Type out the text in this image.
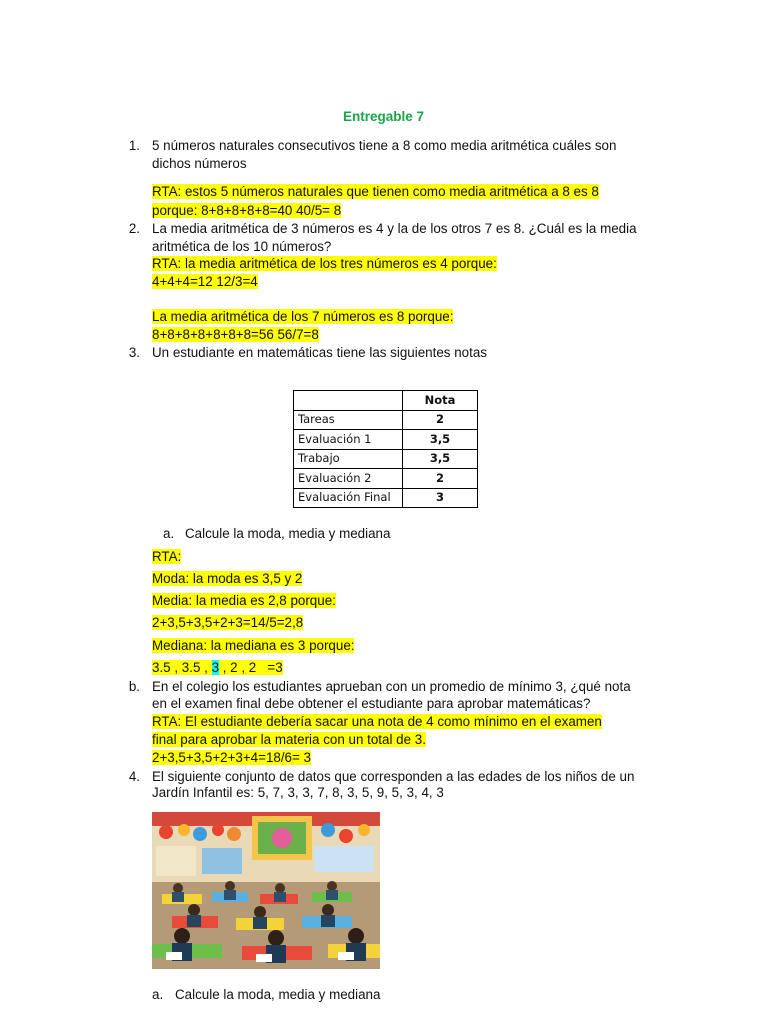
Entregable 7
1. 5 números naturales consecutivos tiene a 8 como media aritmética cuáles son
dichos números
RTA: estos 5 números naturales que tienen como media aritmética a 8 es 8
porque: 8+8+8+8+8=40 40/5= 8
2. La media aritmética de 3 números es 4 y la de los otros 7 es 8. ¿Cuál es la media
aritmética de los 10 números?
RTA: la media aritmética de los tres números es 4 porque:
4+4+4=12 12/3=4
La media aritmética de los 7 números es 8 porque:
8+8+8+8+8+8+8=56 56/7=8
3. Un estudiante en matemáticas tiene las siguientes notas
	Nota
Tareas	2
Evaluación 1	3,5
Trabajo	3,5
Evaluación 2	2
Evaluación Final	3
a. Calcule la moda, media y mediana
RTA:
Moda: la moda es 3,5 y 2
Media: la media es 2,8 porque:
2+3,5+3,5+2+3=14/5=2,8
Mediana: la mediana es 3 porque:
3.5 , 3.5 , 3 , 2 , 2   =3
b. En el colegio los estudiantes aprueban con un promedio de mínimo 3, ¿qué nota
en el examen final debe obtener el estudiante para aprobar matemáticas?
RTA: El estudiante debería sacar una nota de 4 como mínimo en el examen
final para aprobar la materia con un total de 3.
2+3,5+3,5+2+3+4=18/6= 3
4. El siguiente conjunto de datos que corresponden a las edades de los niños de un
Jardín Infantil es: 5, 7, 3, 3, 7, 8, 3, 5, 9, 5, 3, 4, 3
a. Calcule la moda, media y mediana
